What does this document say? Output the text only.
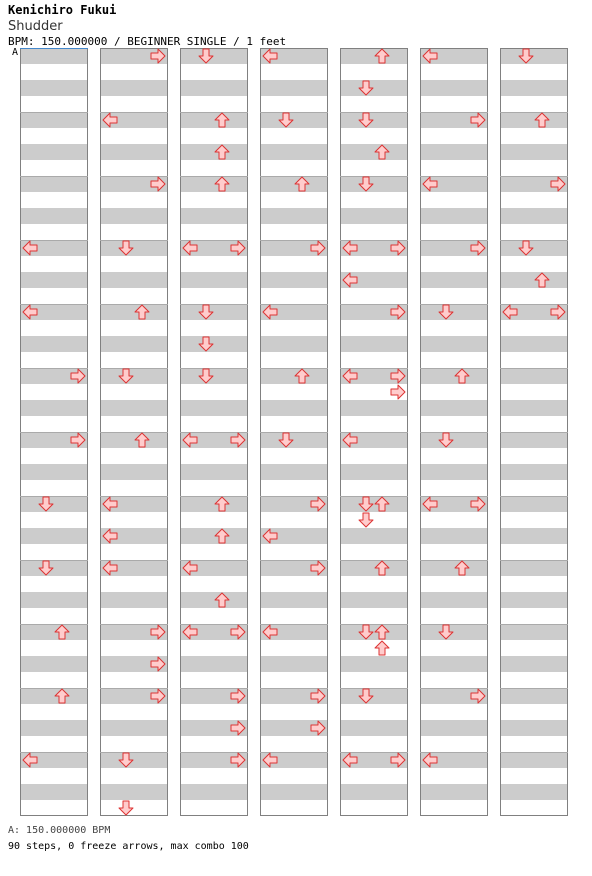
Kenichiro Fukui
Shudder
BPM: 150.000000 / BEGINNER SINGLE / 1 feet
A
A: 150.000000 BPM
90 steps, 0 freeze arrows, max combo 100
